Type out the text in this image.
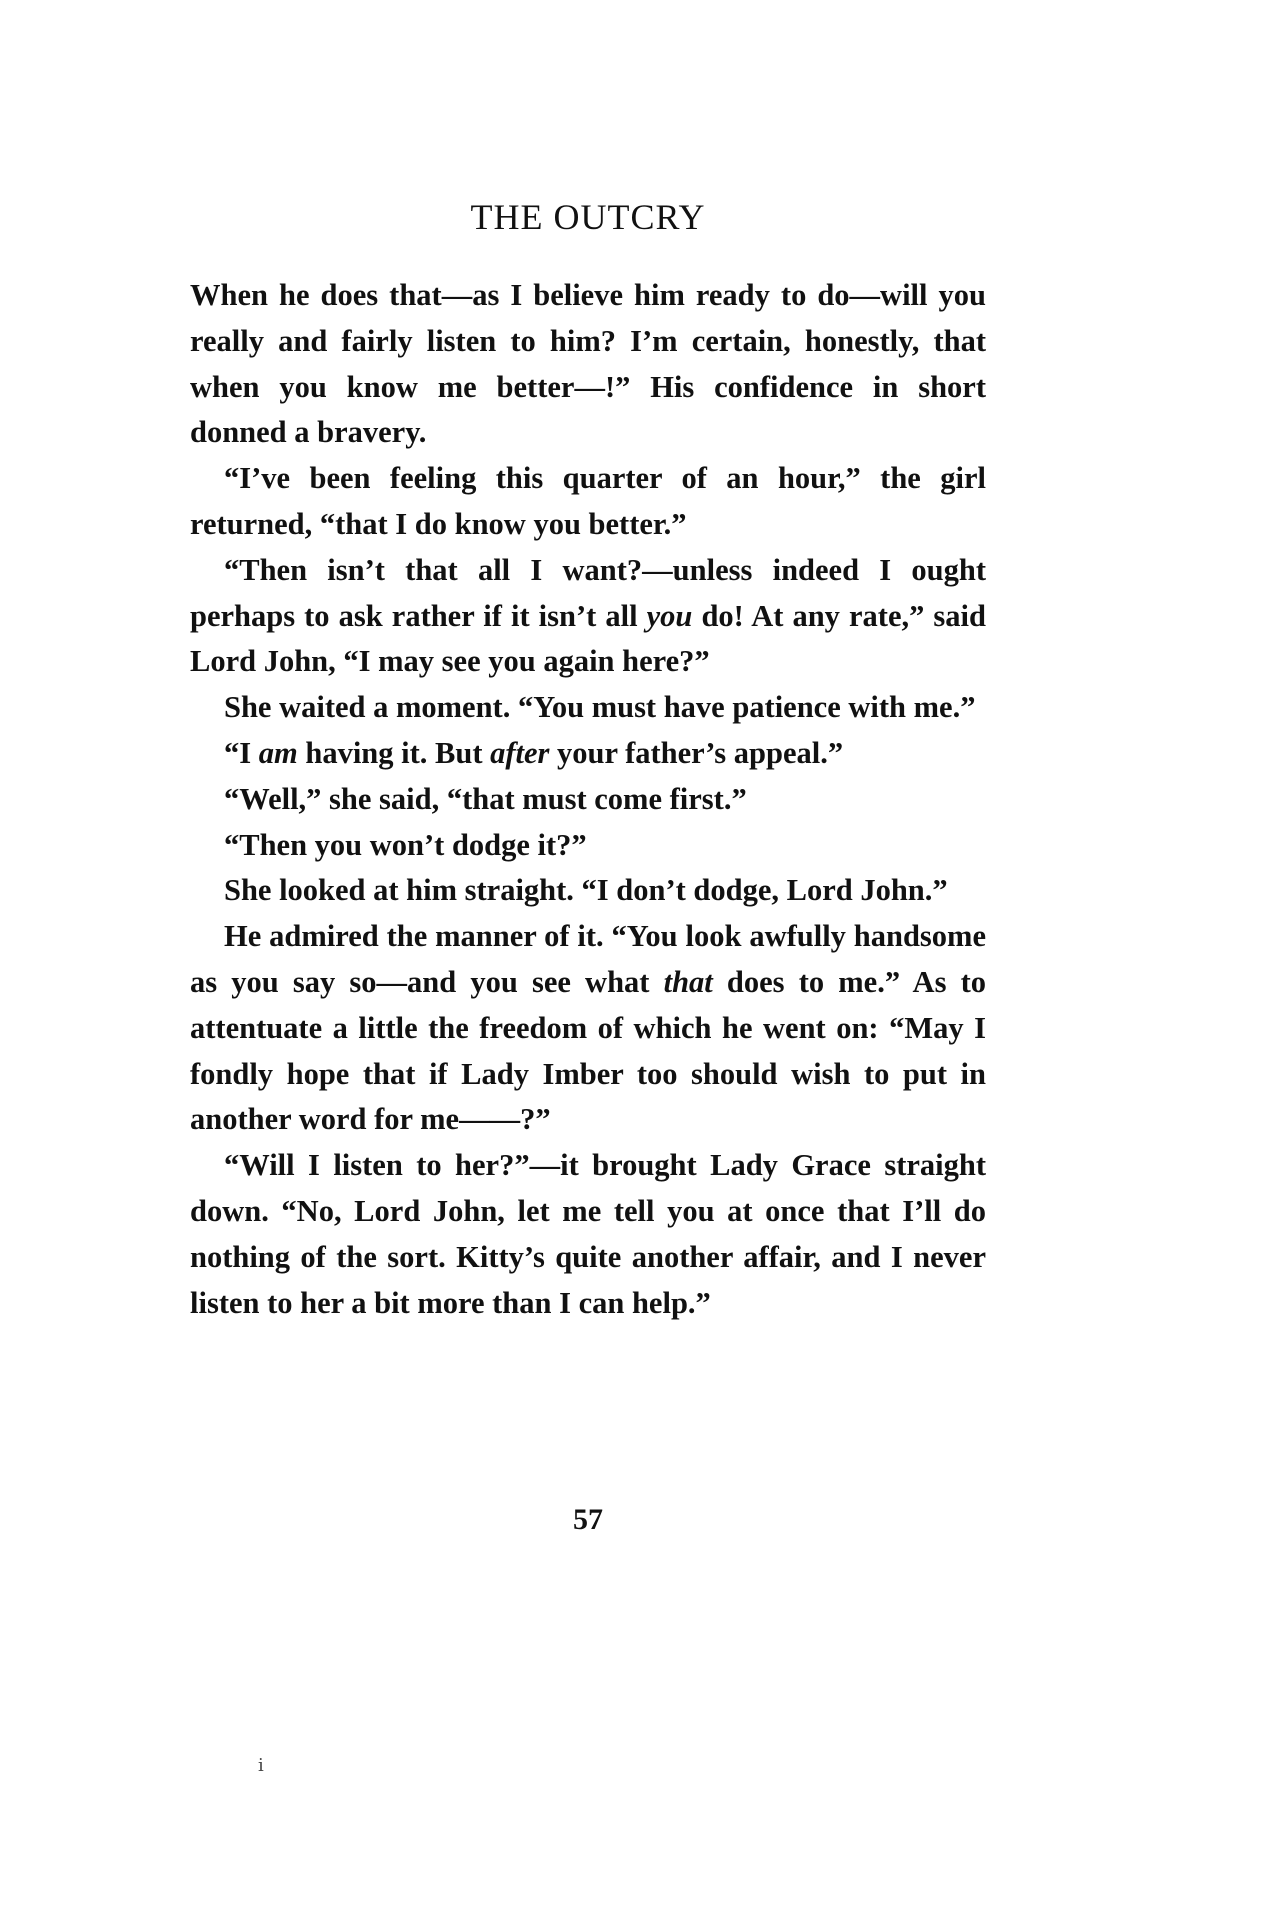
THE OUTCRY

When he does that—as I believe him ready to do—will you really and fairly listen to him? I’m certain, honestly, that when you know me better—!” His confidence in short donned a bravery.

“I’ve been feeling this quarter of an hour,” the girl returned, “that I do know you better.”

“Then isn’t that all I want?—unless indeed I ought perhaps to ask rather if it isn’t all you do! At any rate,” said Lord John, “I may see you again here?”

She waited a moment. “You must have patience with me.”

“I am having it. But after your father’s appeal.”

“Well,” she said, “that must come first.”

“Then you won’t dodge it?”

She looked at him straight. “I don’t dodge, Lord John.”

He admired the manner of it. “You look awfully handsome as you say so—and you see what that does to me.” As to attentuate a little the freedom of which he went on: “May I fondly hope that if Lady Imber too should wish to put in another word for me——?”

“Will I listen to her?”—it brought Lady Grace straight down. “No, Lord John, let me tell you at once that I’ll do nothing of the sort. Kitty’s quite another affair, and I never listen to her a bit more than I can help.”

57
ⅰ
